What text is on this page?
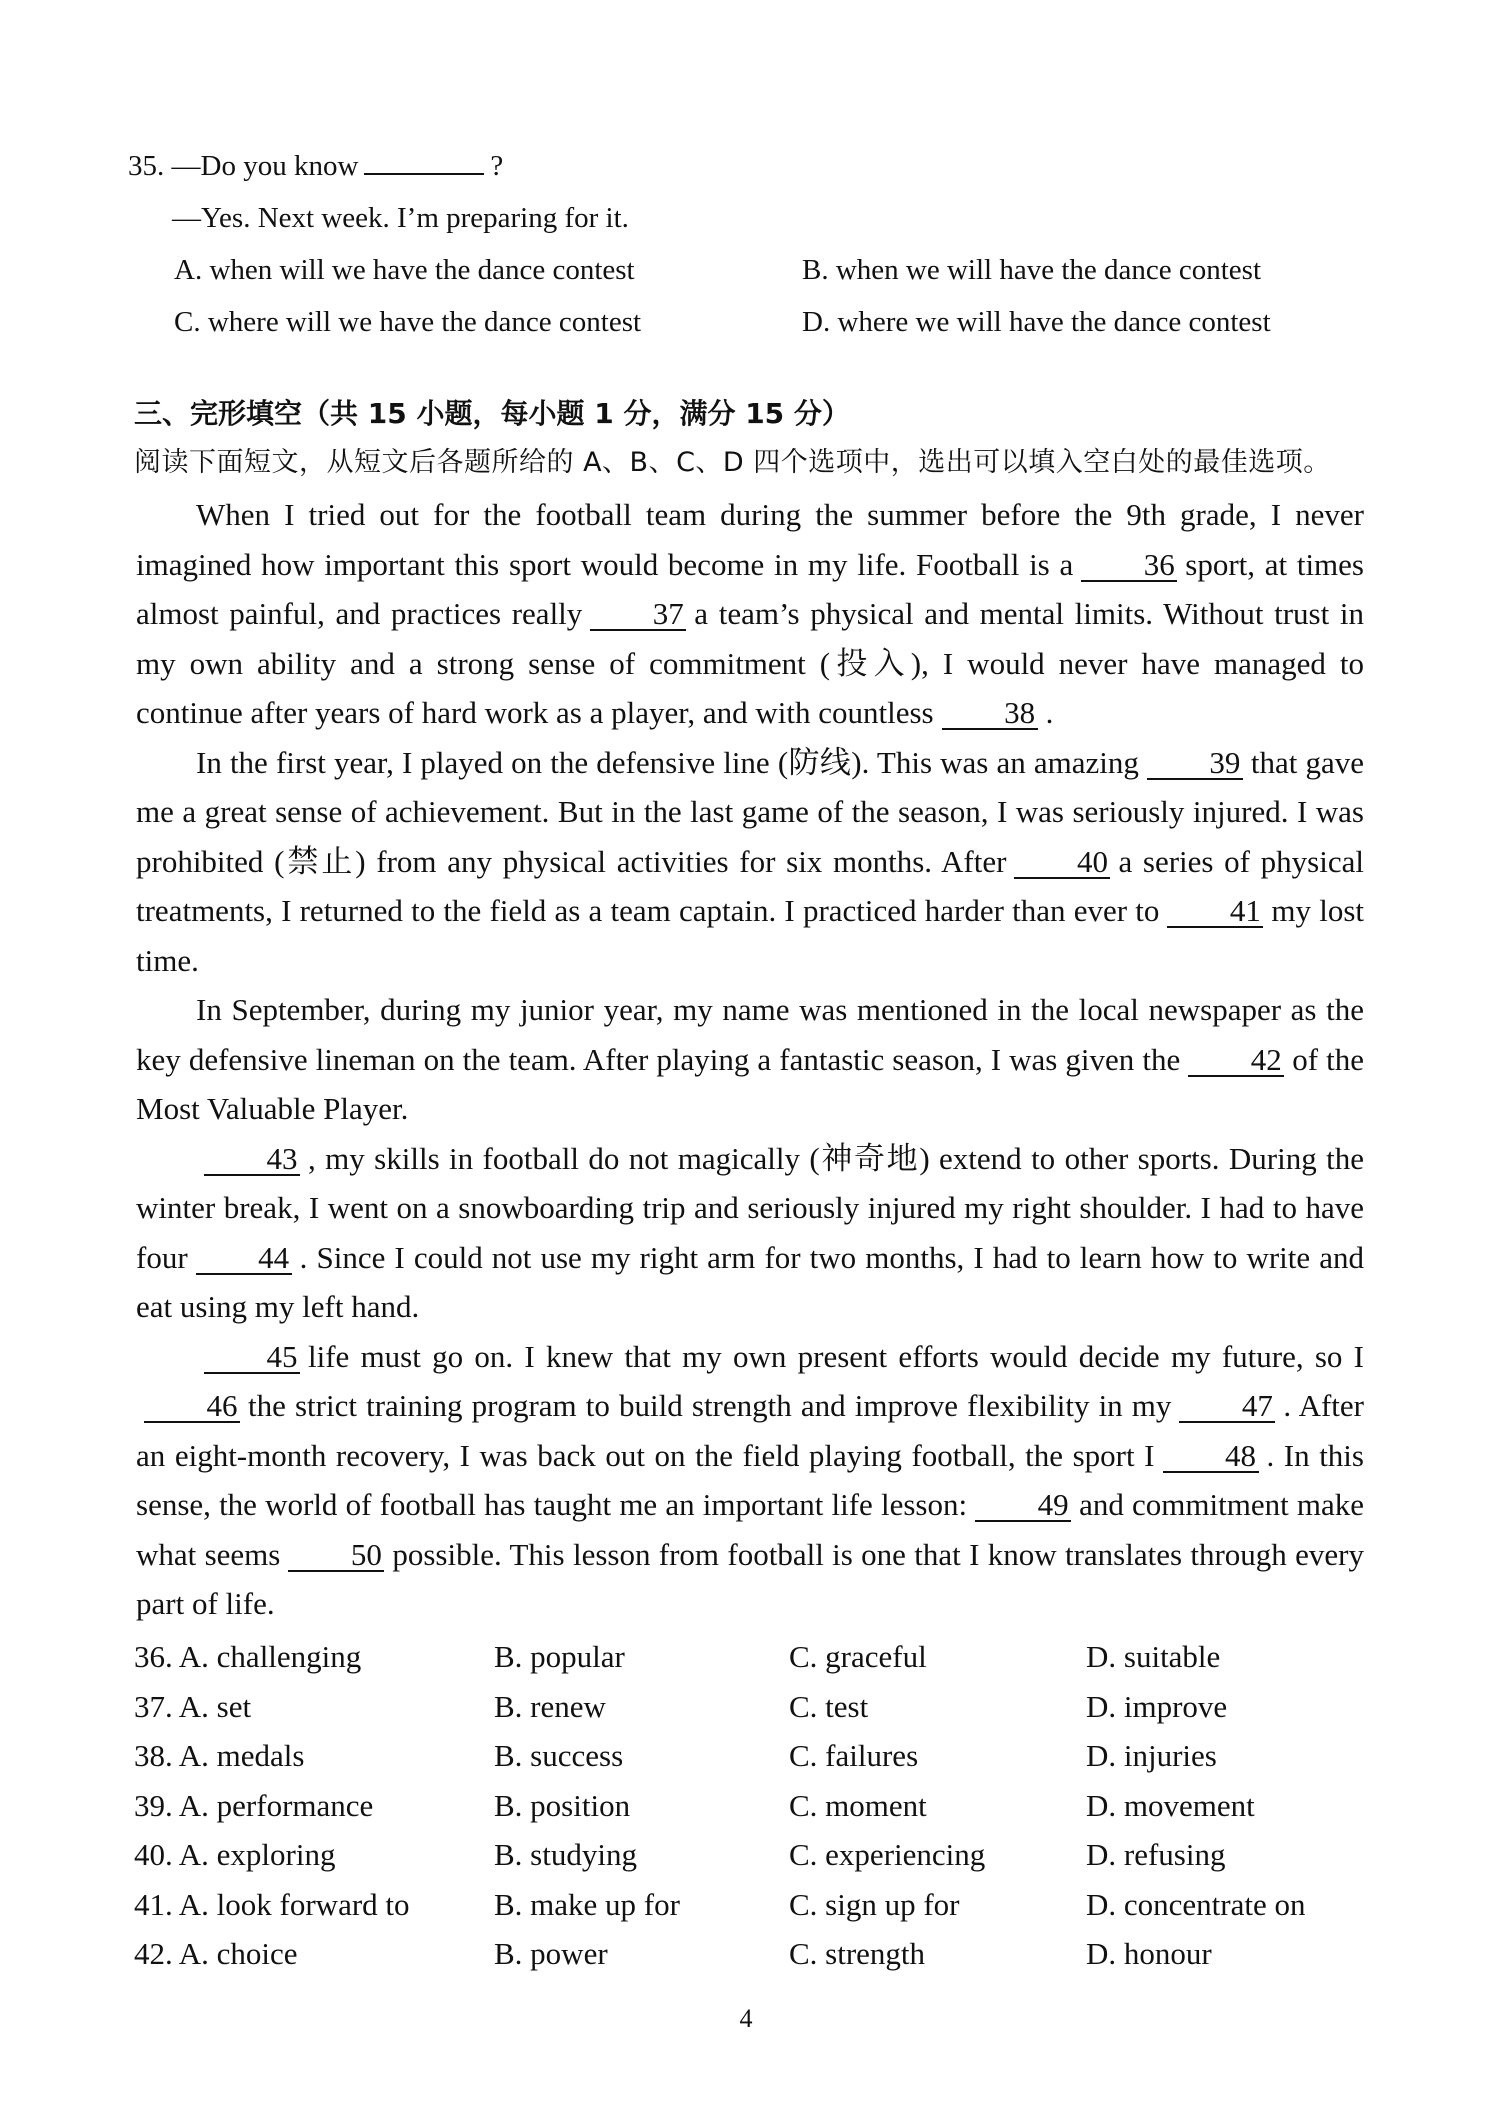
35. —Do you know	?
—Yes. Next week. I’m preparing for it.
A. when will we have the dance contest	B. when we will have the dance contest
C. where will we have the dance contest	D. where we will have the dance contest
三、完形填空（共 15 小题，每小题 1 分，满分 15 分）
阅读下面短文，从短文后各题所给的 A、B、C、D 四个选项中，选出可以填入空白处的最佳选项。

When I tried out for the football team during the summer before the 9th grade, I never imagined how important this sport would become in my life. Football is a 36 sport, at times almost painful, and practices really 37 a team’s physical and mental limits. Without trust in my own ability and a strong sense of commitment (投入), I would never have managed to continue after years of hard work as a player, and with countless 38 .

In the first year, I played on the defensive line (防线). This was an amazing 39 that gave me a great sense of achievement. But in the last game of the season, I was seriously injured. I was prohibited (禁止) from any physical activities for six months. After 40 a series of physical treatments, I returned to the field as a team captain. I practiced harder than ever to 41 my lost time.

In September, during my junior year, my name was mentioned in the local newspaper as the key defensive lineman on the team. After playing a fantastic season, I was given the 42 of the Most Valuable Player.

43 , my skills in football do not magically (神奇地) extend to other sports. During the winter break, I went on a snowboarding trip and seriously injured my right shoulder. I had to have four 44 . Since I could not use my right arm for two months, I had to learn how to write and eat using my left hand.

45 life must go on. I knew that my own present efforts would decide my future, so I46 the strict training program to build strength and improve flexibility in my 47 . After an eight-month recovery, I was back out on the field playing football, the sport I 48 . In this sense, the world of football has taught me an important life lesson: 49 and commitment make what seems 50 possible. This lesson from football is one that I know translates through every part of life.

36. A. challenging	B. popular	C. graceful	D. suitable
37. A. set	B. renew	C. test	D. improve
38. A. medals	B. success	C. failures	D. injuries
39. A. performance	B. position	C. moment	D. movement
40. A. exploring	B. studying	C. experiencing	D. refusing
41. A. look forward to	B. make up for	C. sign up for	D. concentrate on
42. A. choice	B. power	C. strength	D. honour
4
